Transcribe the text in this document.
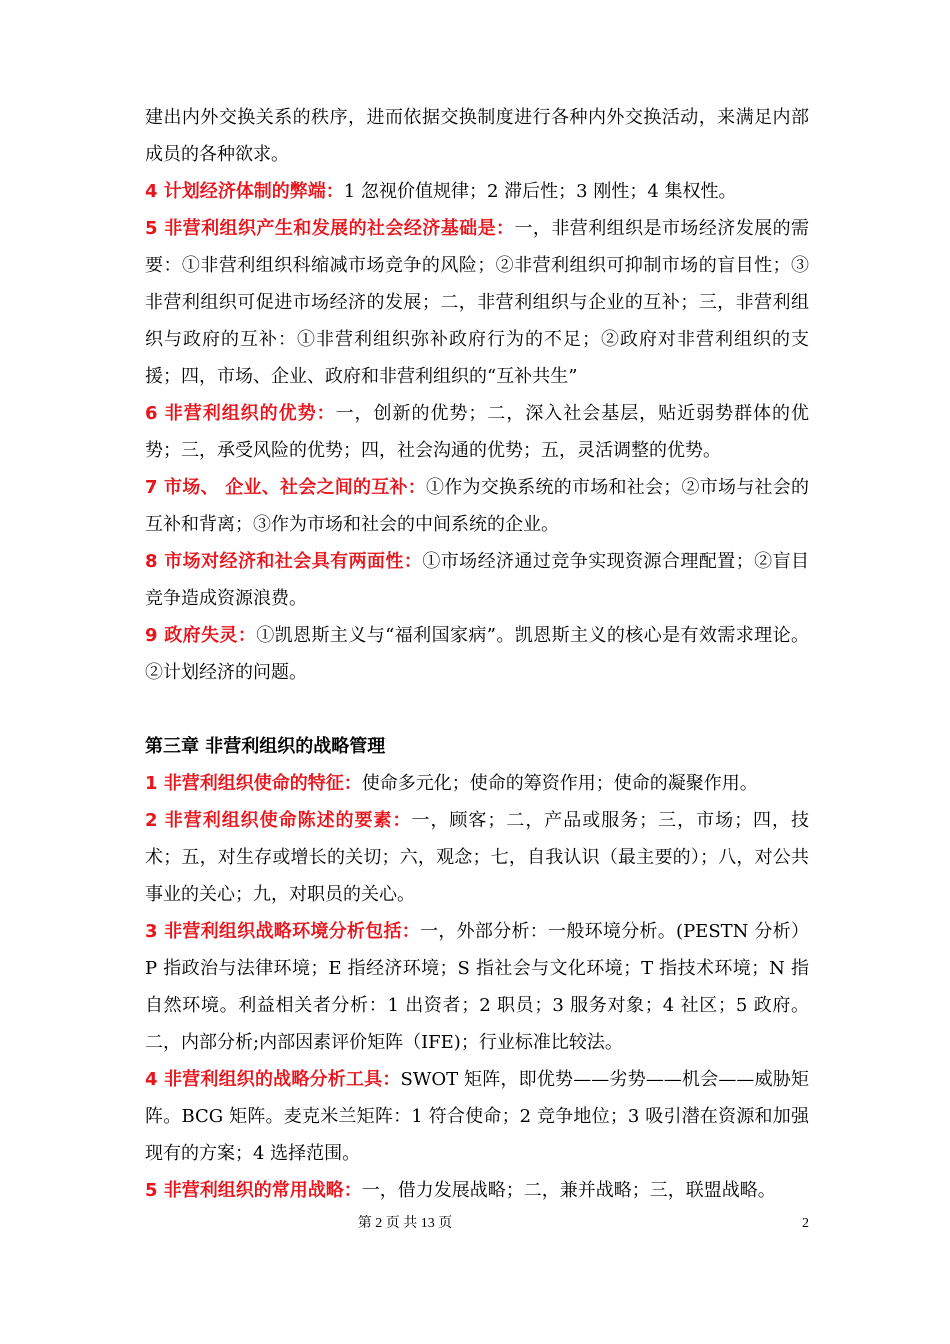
建出内外交换关系的秩序，进而依据交换制度进行各种内外交换活动，来满足内部成员的各种欲求。

4 计划经济体制的弊端：1 忽视价值规律；2 滞后性；3 刚性；4 集权性。

5 非营利组织产生和发展的社会经济基础是：一，非营利组织是市场经济发展的需要：①非营利组织科缩减市场竞争的风险；②非营利组织可抑制市场的盲目性；③非营利组织可促进市场经济的发展；二，非营利组织与企业的互补；三，非营利组织与政府的互补：①非营利组织弥补政府行为的不足；②政府对非营利组织的支援；四，市场、企业、政府和非营利组织的“互补共生”

6 非营利组织的优势：一，创新的优势；二，深入社会基层，贴近弱势群体的优势；三，承受风险的优势；四，社会沟通的优势；五，灵活调整的优势。

7 市场、 企业、社会之间的互补：①作为交换系统的市场和社会；②市场与社会的互补和背离；③作为市场和社会的中间系统的企业。

8 市场对经济和社会具有两面性：①市场经济通过竞争实现资源合理配置；②盲目竞争造成资源浪费。

9 政府失灵：①凯恩斯主义与“福利国家病”。凯恩斯主义的核心是有效需求理论。②计划经济的问题。

第三章 非营利组织的战略管理

1 非营利组织使命的特征：使命多元化；使命的筹资作用；使命的凝聚作用。

2 非营利组织使命陈述的要素：一，顾客；二，产品或服务；三，市场；四，技术；五，对生存或增长的关切；六，观念；七，自我认识（最主要的）；八，对公共事业的关心；九，对职员的关心。

3 非营利组织战略环境分析包括：一，外部分析：一般环境分析。(PESTN 分析）P 指政治与法律环境；E 指经济环境；S 指社会与文化环境；T 指技术环境；N 指自然环境。利益相关者分析：1 出资者；2 职员；3 服务对象；4 社区；5 政府。二，内部分析;内部因素评价矩阵（IFE)；行业标准比较法。

4 非营利组织的战略分析工具：SWOT 矩阵，即优势——劣势——机会——威胁矩阵。BCG 矩阵。麦克米兰矩阵：1 符合使命；2 竞争地位；3 吸引潜在资源和加强现有的方案；4 选择范围。

5 非营利组织的常用战略：一，借力发展战略；二，兼并战略；三，联盟战略。

第 2 页 共 13 页	2
